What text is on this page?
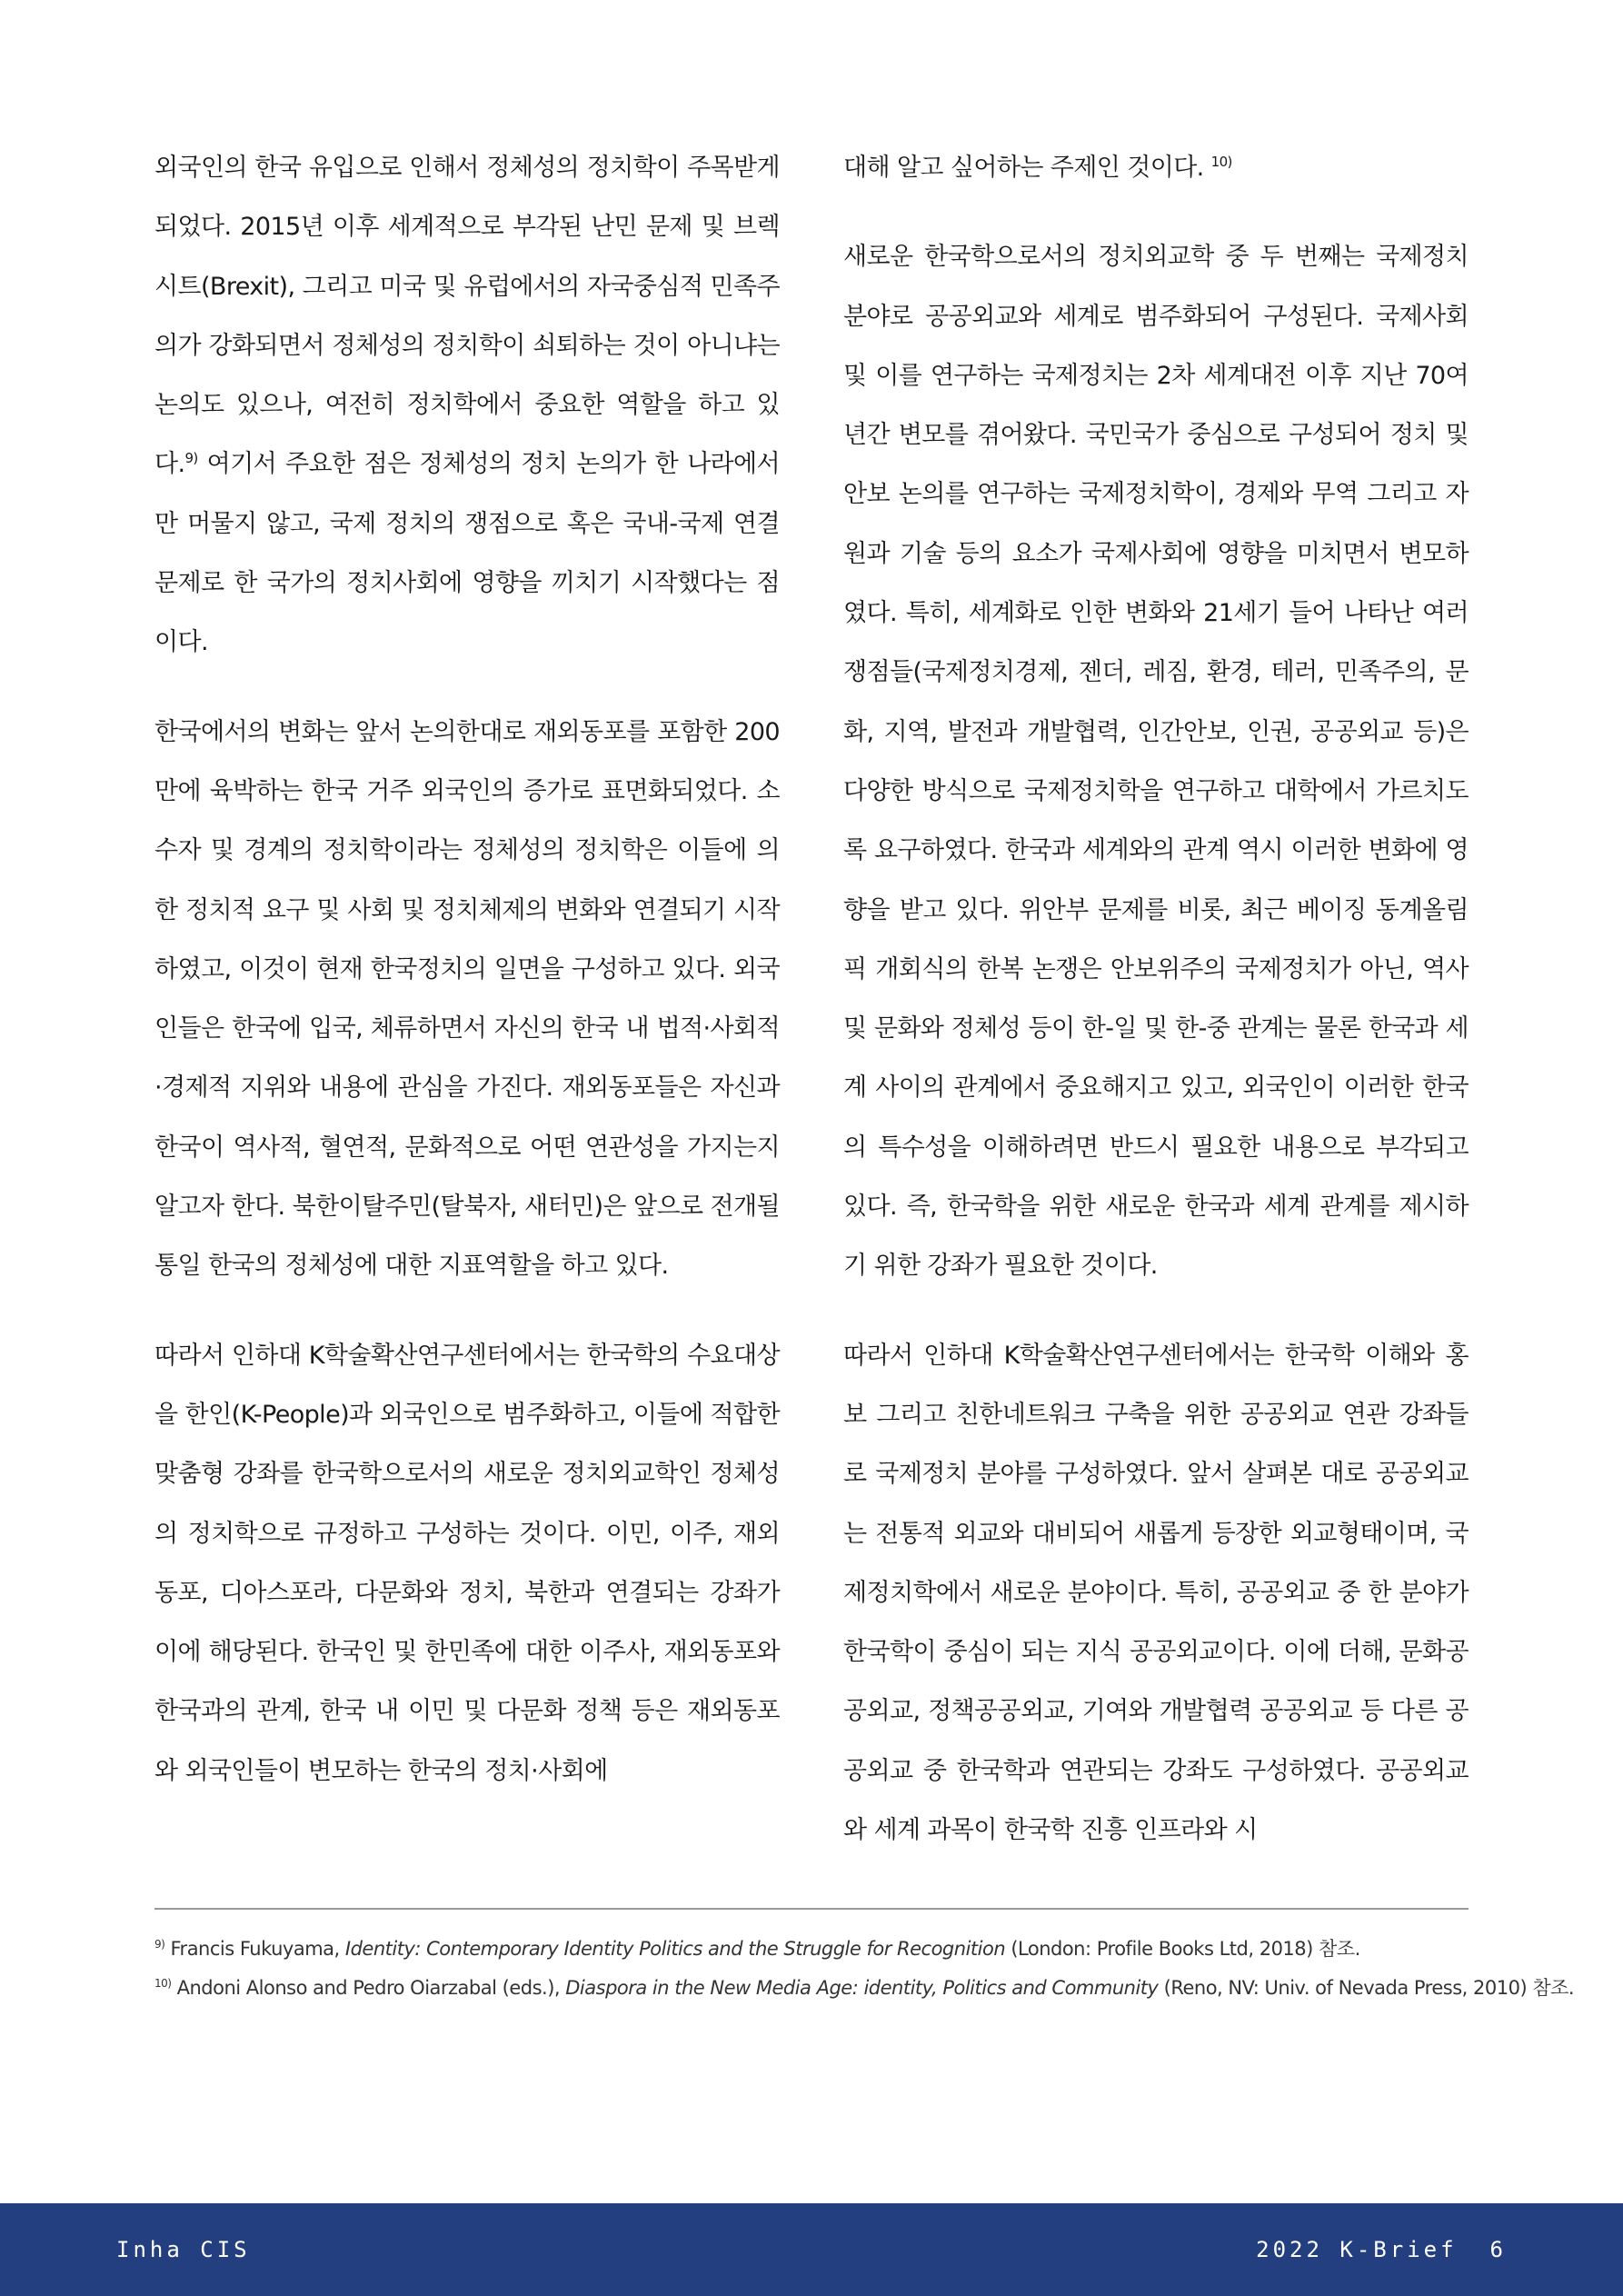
외국인의 한국 유입으로 인해서 정체성의 정치학이 주목받게 되었다. 2015년 이후 세계적으로 부각된 난민 문제 및 브렉시트(Brexit), 그리고 미국 및 유럽에서의 자국중심적 민족주의가 강화되면서 정체성의 정치학이 쇠퇴하는 것이 아니냐는 논의도 있으나, 여전히 정치학에서 중요한 역할을 하고 있다.$^{9)}$ 여기서 주요한 점은 정체성의 정치 논의가 한 나라에서만 머물지 않고, 국제 정치의 쟁점으로 혹은 국내-국제 연결 문제로 한 국가의 정치사회에 영향을 끼치기 시작했다는 점이다.

한국에서의 변화는 앞서 논의한대로 재외동포를 포함한 200만에 육박하는 한국 거주 외국인의 증가로 표면화되었다. 소수자 및 경계의 정치학이라는 정체성의 정치학은 이들에 의한 정치적 요구 및 사회 및 정치체제의 변화와 연결되기 시작하였고, 이것이 현재 한국정치의 일면을 구성하고 있다. 외국인들은 한국에 입국, 체류하면서 자신의 한국 내 법적·사회적·경제적 지위와 내용에 관심을 가진다. 재외동포들은 자신과 한국이 역사적, 혈연적, 문화적으로 어떤 연관성을 가지는지 알고자 한다. 북한이탈주민(탈북자, 새터민)은 앞으로 전개될 통일 한국의 정체성에 대한 지표역할을 하고 있다.

따라서 인하대 K학술확산연구센터에서는 한국학의 수요대상을 한인(K-People)과 외국인으로 범주화하고, 이들에 적합한 맞춤형 강좌를 한국학으로서의 새로운 정치외교학인 정체성의 정치학으로 규정하고 구성하는 것이다. 이민, 이주, 재외동포, 디아스포라, 다문화와 정치, 북한과 연결되는 강좌가 이에 해당된다. 한국인 및 한민족에 대한 이주사, 재외동포와 한국과의 관계, 한국 내 이민 및 다문화 정책 등은 재외동포와 외국인들이 변모하는 한국의 정치·사회에

대해 알고 싶어하는 주제인 것이다. $^{10)}$

새로운 한국학으로서의 정치외교학 중 두 번째는 국제정치 분야로 공공외교와 세계로 범주화되어 구성된다. 국제사회 및 이를 연구하는 국제정치는 2차 세계대전 이후 지난 70여 년간 변모를 겪어왔다. 국민국가 중심으로 구성되어 정치 및 안보 논의를 연구하는 국제정치학이, 경제와 무역 그리고 자원과 기술 등의 요소가 국제사회에 영향을 미치면서 변모하였다. 특히, 세계화로 인한 변화와 21세기 들어 나타난 여러 쟁점들(국제정치경제, 젠더, 레짐, 환경, 테러, 민족주의, 문화, 지역, 발전과 개발협력, 인간안보, 인권, 공공외교 등)은 다양한 방식으로 국제정치학을 연구하고 대학에서 가르치도록 요구하였다. 한국과 세계와의 관계 역시 이러한 변화에 영향을 받고 있다. 위안부 문제를 비롯, 최근 베이징 동계올림픽 개회식의 한복 논쟁은 안보위주의 국제정치가 아닌, 역사 및 문화와 정체성 등이 한-일 및 한-중 관계는 물론 한국과 세계 사이의 관계에서 중요해지고 있고, 외국인이 이러한 한국의 특수성을 이해하려면 반드시 필요한 내용으로 부각되고 있다. 즉, 한국학을 위한 새로운 한국과 세계 관계를 제시하기 위한 강좌가 필요한 것이다.

따라서 인하대 K학술확산연구센터에서는 한국학 이해와 홍보 그리고 친한네트워크 구축을 위한 공공외교 연관 강좌들로 국제정치 분야를 구성하였다. 앞서 살펴본 대로 공공외교는 전통적 외교와 대비되어 새롭게 등장한 외교형태이며, 국제정치학에서 새로운 분야이다. 특히, 공공외교 중 한 분야가 한국학이 중심이 되는 지식 공공외교이다. 이에 더해, 문화공공외교, 정책공공외교, 기여와 개발협력 공공외교 등 다른 공공외교 중 한국학과 연관되는 강좌도 구성하였다. 공공외교와 세계 과목이 한국학 진흥 인프라와 시

$^{9)}$ Francis Fukuyama, Identity: Contemporary Identity Politics and the Struggle for Recognition (London: Profile Books Ltd, 2018) 참조.

$^{10)}$ Andoni Alonso and Pedro Oiarzabal (eds.), Diaspora in the New Media Age: identity, Politics and Community (Reno, NV: Univ. of Nevada Press, 2010) 참조.

Inha CIS	2022 K-Brief 6
